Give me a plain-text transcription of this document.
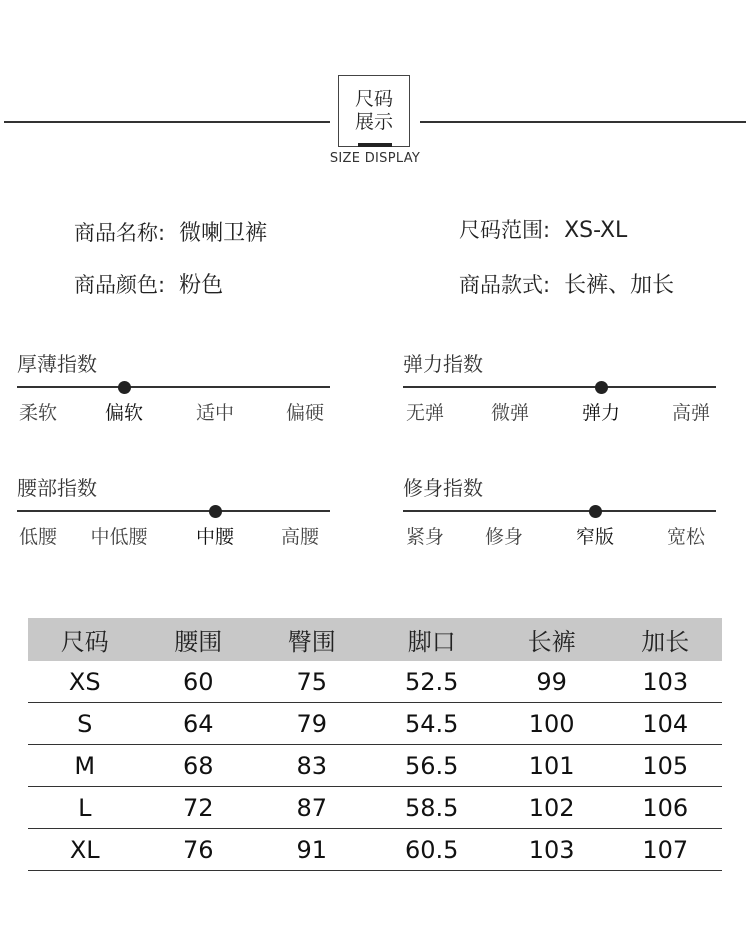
尺码
展示
SIZE DISPLAY
商品名称: 微喇卫裤	尺码范围: XS-XL
商品颜色: 粉色	商品款式: 长裤、加长
厚薄指数
柔软	偏软	适中	偏硬
弹力指数
无弹 微弹	弹力	高弹
腰部指数
低腰 中低腰	中腰 高腰
修身指数
紧身 修身	窄版	宽松
尺码	腰围	臀围	脚口	长裤	加长
XS	60	75	52.5	99	103
S	64	79	54.5	100	104
M	68	83	56.5	101	105
L	72	87	58.5	102	106
XL	76	91	60.5	103	107
